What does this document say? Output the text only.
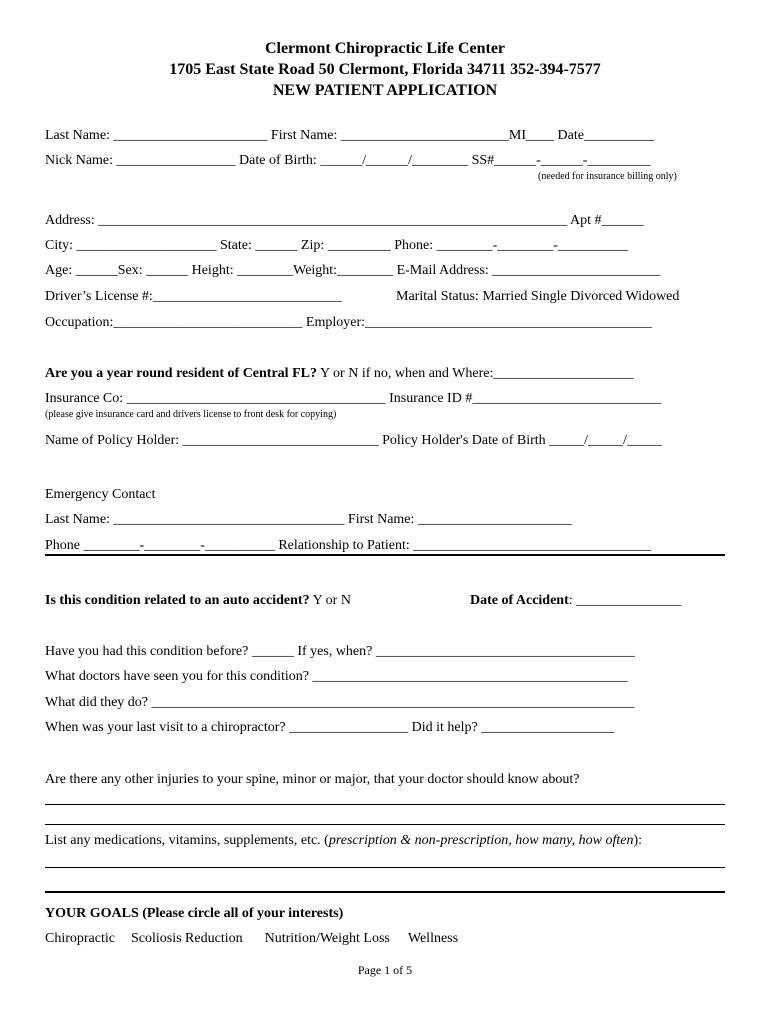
Clermont Chiropractic Life Center
1705 East State Road 50 Clermont, Florida 34711 352-394-7577
NEW PATIENT APPLICATION
Last Name: ______________________ First Name: ________________________MI____ Date__________
Nick Name: _________________ Date of Birth: ______/______/________ SS#______-______-_________
(needed for insurance billing only)
Address: ___________________________________________________________________ Apt #______
City: ____________________ State: ______ Zip: _________ Phone: ________-________-__________
Age: ______Sex: ______ Height: ________Weight:________ E-Mail Address: ________________________
Driver’s License #:___________________________	Marital Status: Married Single Divorced Widowed
Occupation:___________________________ Employer:_________________________________________
Are you a year round resident of Central FL? Y or N if no, when and Where:____________________
Insurance Co: _____________________________________ Insurance ID #___________________________
(please give insurance card and drivers license to front desk for copying)
Name of Policy Holder: ____________________________ Policy Holder's Date of Birth _____/_____/_____
Emergency Contact
Last Name: _________________________________ First Name: ______________________
Phone ________-________-__________ Relationship to Patient: __________________________________
Is this condition related to an auto accident? Y or N	Date of Accident: _______________
Have you had this condition before? ______ If yes, when? _____________________________________
What doctors have seen you for this condition? _____________________________________________
What did they do? _____________________________________________________________________
When was your last visit to a chiropractor? _________________ Did it help? ___________________
Are there any other injuries to your spine, minor or major, that your doctor should know about?
List any medications, vitamins, supplements, etc. (prescription & non-prescription, how many, how often):
YOUR GOALS (Please circle all of your interests)
Chiropractic Scoliosis Reduction Nutrition/Weight Loss Wellness
Page 1 of 5
